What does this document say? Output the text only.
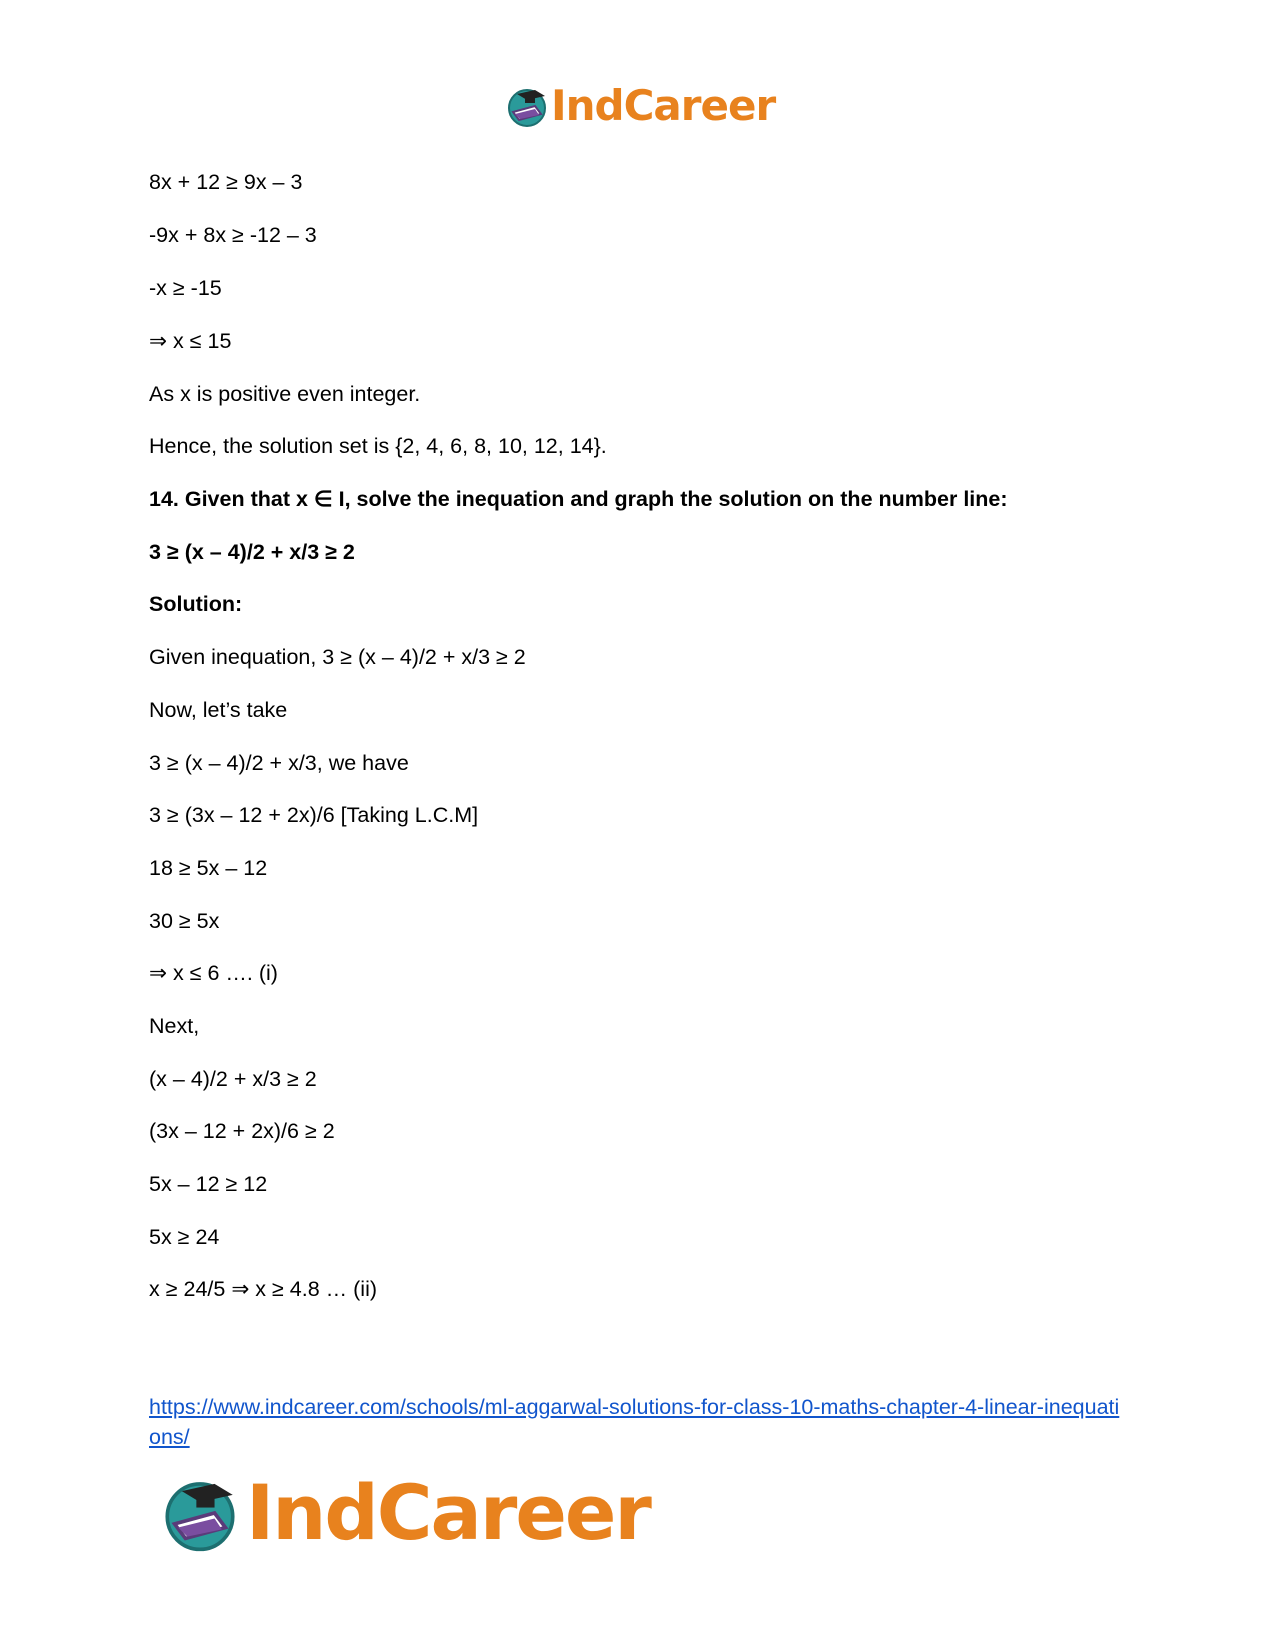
IndCareer
8x + 12 ≥ 9x – 3
-9x + 8x ≥ -12 – 3
-x ≥ -15
⇒ x ≤ 15
As x is positive even integer.
Hence, the solution set is {2, 4, 6, 8, 10, 12, 14}.
14. Given that x ∈ I, solve the inequation and graph the solution on the number line:
3 ≥ (x – 4)/2 + x/3 ≥ 2
Solution:
Given inequation, 3 ≥ (x – 4)/2 + x/3 ≥ 2
Now, let’s take
3 ≥ (x – 4)/2 + x/3, we have
3 ≥ (3x – 12 + 2x)/6 [Taking L.C.M]
18 ≥ 5x – 12
30 ≥ 5x
⇒ x ≤ 6 …. (i)
Next,
(x – 4)/2 + x/3 ≥ 2
(3x – 12 + 2x)/6 ≥ 2
5x – 12 ≥ 12
5x ≥ 24
x ≥ 24/5 ⇒ x ≥ 4.8 … (ii)
https://www.indcareer.com/schools/ml-aggarwal-solutions-for-class-10-maths-chapter-4-linear-inequations/
IndCareer
